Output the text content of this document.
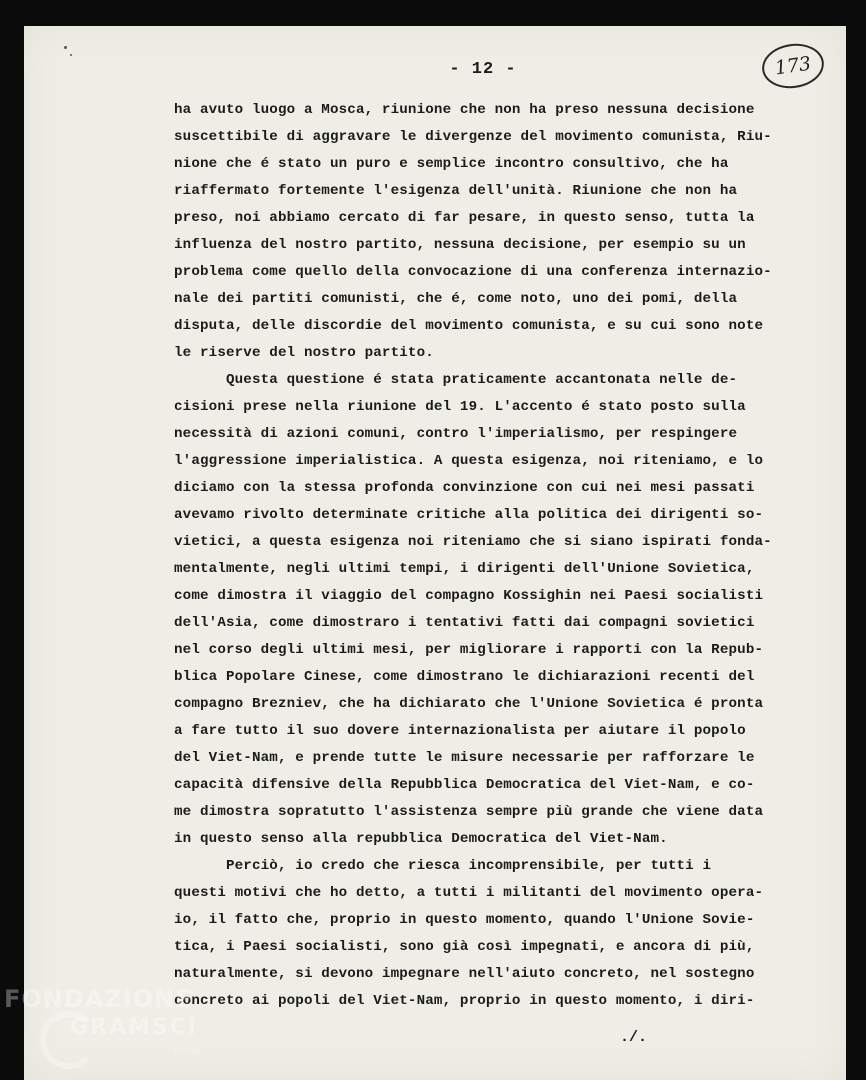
- 12 -	173
ha avuto luogo a Mosca, riunione che non ha preso nessuna decisione
suscettibile di aggravare le divergenze del movimento comunista, Riu-
nione che é stato un puro e semplice incontro consultivo, che ha
riaffermato fortemente l'esigenza dell'unità. Riunione che non ha
preso, noi abbiamo cercato di far pesare, in questo senso, tutta la
influenza del nostro partito, nessuna decisione, per esempio su un
problema come quello della convocazione di una conferenza internazio-
nale dei partiti comunisti, che é, come noto, uno dei pomi, della
disputa, delle discordie del movimento comunista, e su cui sono note
le riserve del nostro partito.
Questa questione é stata praticamente accantonata nelle de-
cisioni prese nella riunione del 19. L'accento é stato posto sulla
necessità di azioni comuni, contro l'imperialismo, per respingere
l'aggressione imperialistica. A questa esigenza, noi riteniamo, e lo
diciamo con la stessa profonda convinzione con cui nei mesi passati
avevamo rivolto determinate critiche alla politica dei dirigenti so-
vietici, a questa esigenza noi riteniamo che si siano ispirati fonda-
mentalmente, negli ultimi tempi, i dirigenti dell'Unione Sovietica,
come dimostra il viaggio del compagno Kossighin nei Paesi socialisti
dell'Asia, come dimostraro i tentativi fatti dai compagni sovietici
nel corso degli ultimi mesi, per migliorare i rapporti con la Repub-
blica Popolare Cinese, come dimostrano le dichiarazioni recenti del
compagno Brezniev, che ha dichiarato che l'Unione Sovietica é pronta
a fare tutto il suo dovere internazionalista per aiutare il popolo
del Viet-Nam, e prende tutte le misure necessarie per rafforzare le
capacità difensive della Repubblica Democratica del Viet-Nam, e co-
me dimostra sopratutto l'assistenza sempre più grande che viene data
in questo senso alla repubblica Democratica del Viet-Nam.
Perciò, io credo che riesca incomprensibile, per tutti i
questi motivi che ho detto, a tutti i militanti del movimento opera-
io, il fatto che, proprio in questo momento, quando l'Unione Sovie-
tica, i Paesi socialisti, sono già così impegnati, e ancora di più,
naturalmente, si devono impegnare nell'aiuto concreto, nel sostegno
concreto ai popoli del Viet-Nam, proprio in questo momento, i diri-
./.
FONDAZIONE
GRAMSCI
onlus
